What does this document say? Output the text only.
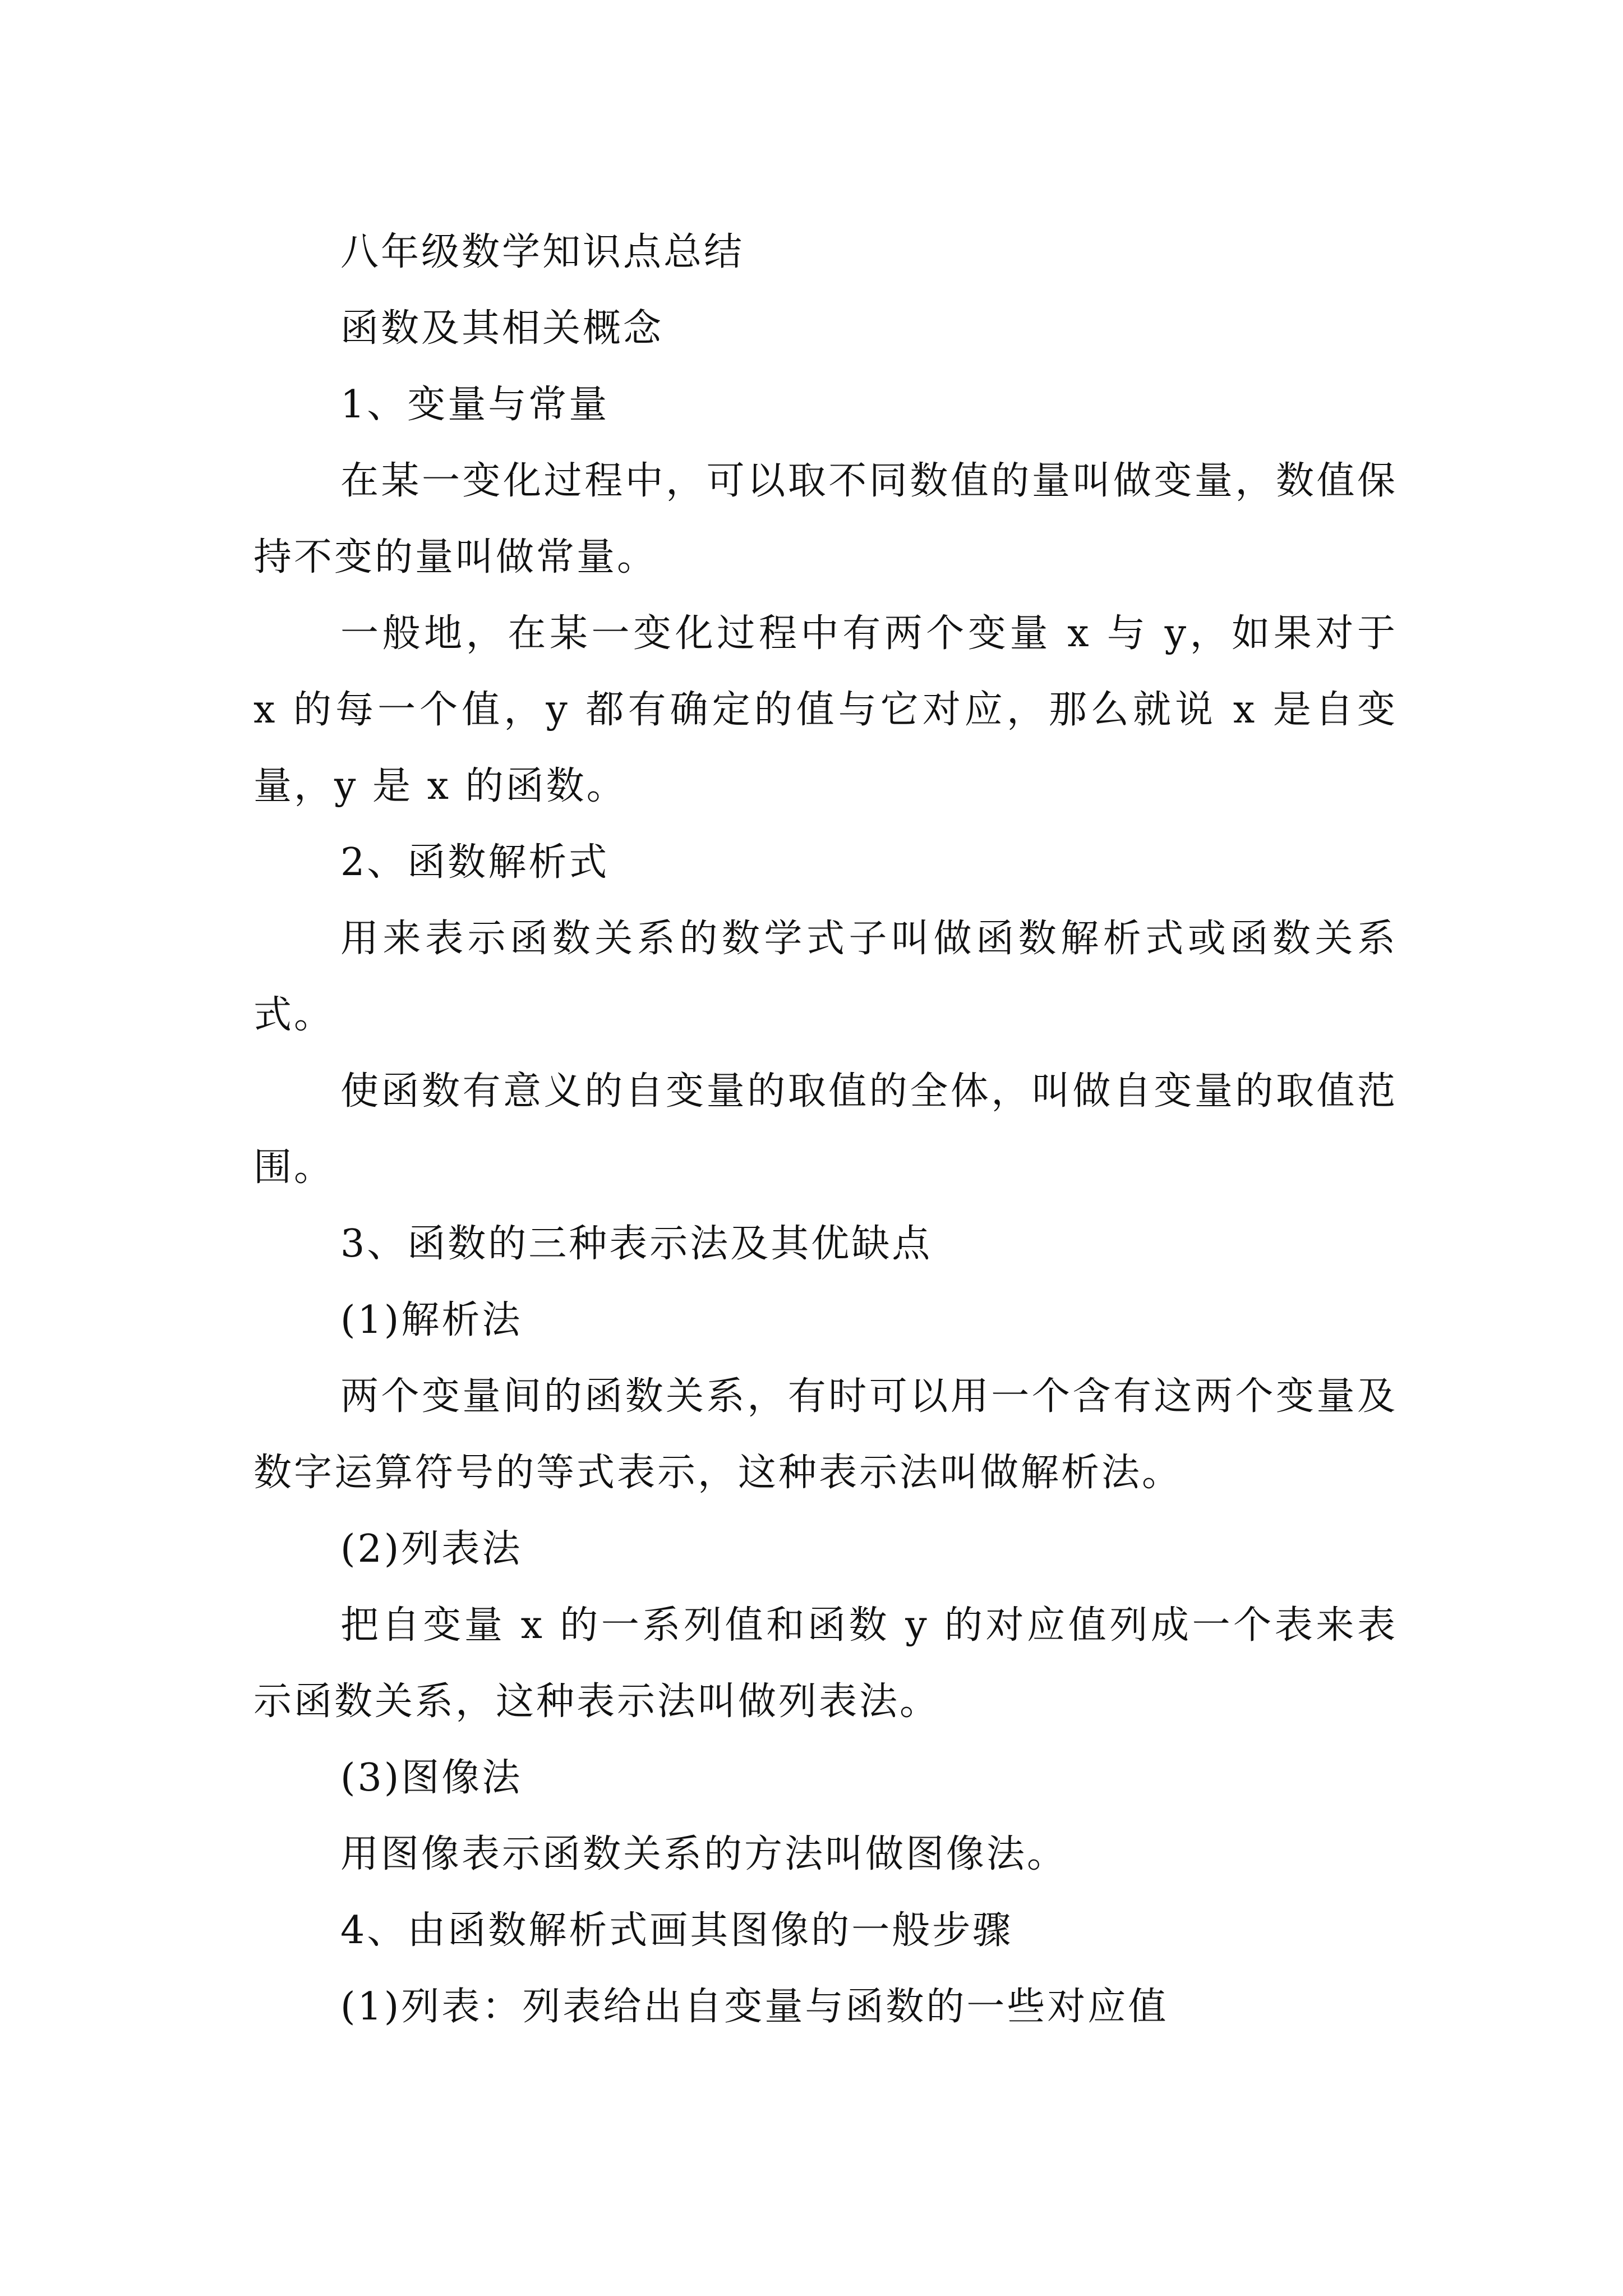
八年级数学知识点总结

函数及其相关概念

1、变量与常量

在某一变化过程中，可以取不同数值的量叫做变量，数值保持不变的量叫做常量。

一般地，在某一变化过程中有两个变量 x 与 y，如果对于 x 的每一个值，y 都有确定的值与它对应，那么就说 x 是自变量，y 是 x 的函数。

2、函数解析式

用来表示函数关系的数学式子叫做函数解析式或函数关系式。

使函数有意义的自变量的取值的全体，叫做自变量的取值范围。

3、函数的三种表示法及其优缺点

(1)解析法

两个变量间的函数关系，有时可以用一个含有这两个变量及数字运算符号的等式表示，这种表示法叫做解析法。

(2)列表法

把自变量 x 的一系列值和函数 y 的对应值列成一个表来表示函数关系，这种表示法叫做列表法。

(3)图像法

用图像表示函数关系的方法叫做图像法。

4、由函数解析式画其图像的一般步骤

(1)列表：列表给出自变量与函数的一些对应值
